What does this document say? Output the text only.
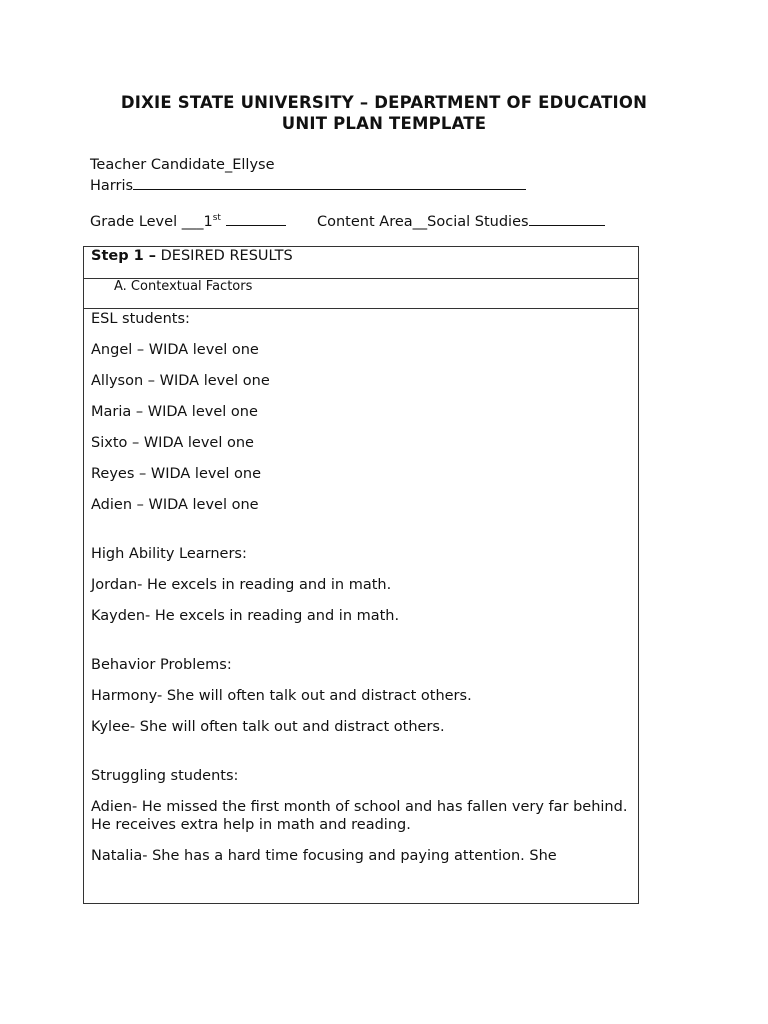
DIXIE STATE UNIVERSITY – DEPARTMENT OF EDUCATION
UNIT PLAN TEMPLATE
Teacher Candidate_Ellyse
Harris
Grade Level ___1st	Content Area__Social Studies
Step 1 – DESIRED RESULTS
A. Contextual Factors

ESL students:

Angel – WIDA level one

Allyson – WIDA level one

Maria – WIDA level one

Sixto – WIDA level one

Reyes – WIDA level one

Adien – WIDA level one

High Ability Learners:

Jordan- He excels in reading and in math.

Kayden- He excels in reading and in math.

Behavior Problems:

Harmony- She will often talk out and distract others.

Kylee- She will often talk out and distract others.

Struggling students:

Adien- He missed the first month of school and has fallen very far behind. He receives extra help in math and reading.

Natalia- She has a hard time focusing and paying attention. She
